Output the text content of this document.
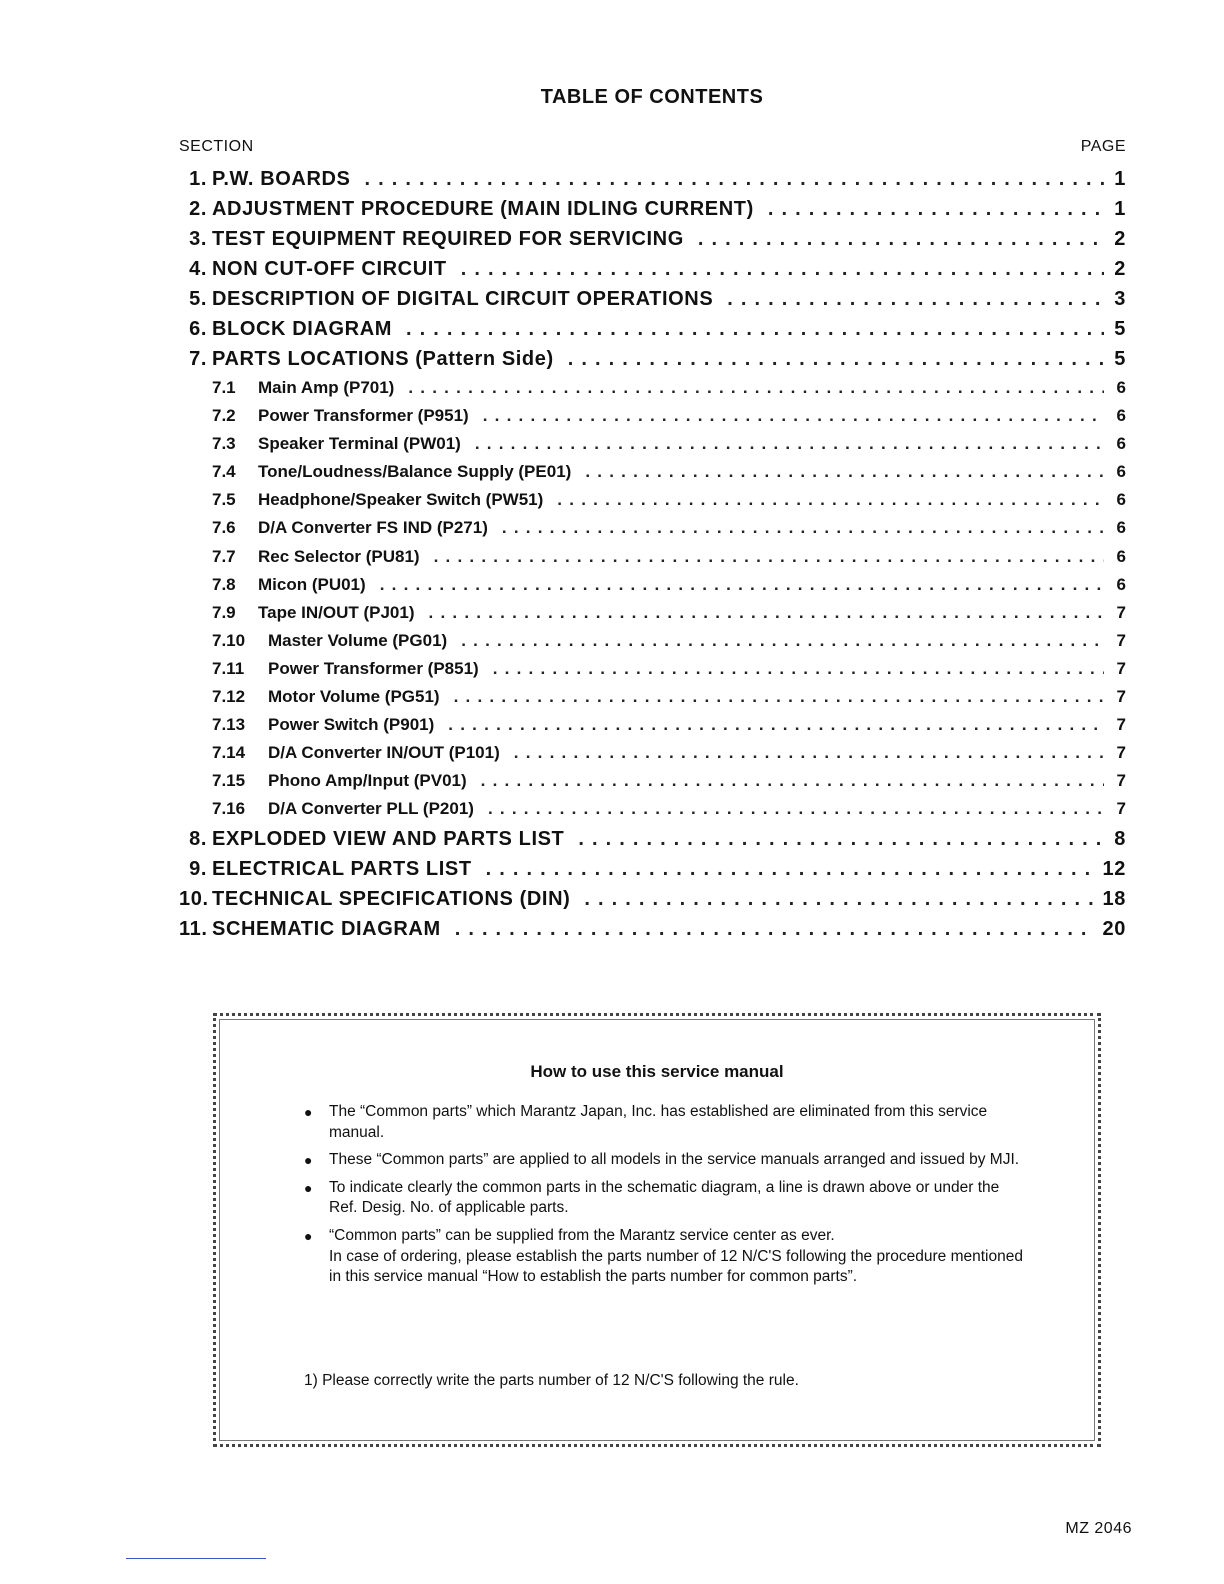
TABLE OF CONTENTS
SECTION	PAGE
1. P.W. BOARDS . . .	1
2. ADJUSTMENT PROCEDURE (MAIN IDLING CURRENT) . . .	1
3. TEST EQUIPMENT REQUIRED FOR SERVICING . . .	2
4. NON CUT-OFF CIRCUIT . . .	2
5. DESCRIPTION OF DIGITAL CIRCUIT OPERATIONS . . .	3
6. BLOCK DIAGRAM . . .	5
7. PARTS LOCATIONS (Pattern Side) . . .	5
7.1	Main Amp (P701) . . .	6
7.2	Power Transformer (P951) . . .	6
7.3	Speaker Terminal (PW01) . . .	6
7.4	Tone/Loudness/Balance Supply (PE01) . . .	6
7.5	Headphone/Speaker Switch (PW51) . . .	6
7.6	D/A Converter FS IND (P271) . . .	6
7.7	Rec Selector (PU81) . . .	6
7.8	Micon (PU01) . . .	6
7.9	Tape IN/OUT (PJ01) . . .	7
7.10	Master Volume (PG01) . . .	7
7.11	Power Transformer (P851) . . .	7
7.12	Motor Volume (PG51) . . .	7
7.13	Power Switch (P901) . . .	7
7.14	D/A Converter IN/OUT (P101) . . .	7
7.15	Phono Amp/Input (PV01) . . .	7
7.16	D/A Converter PLL (P201) . . .	7
8. EXPLODED VIEW AND PARTS LIST . . .	8
9. ELECTRICAL PARTS LIST . . .	12
10. TECHNICAL SPECIFICATIONS (DIN) . . .	18
11. SCHEMATIC DIAGRAM . . .	20
How to use this service manual
● The “Common parts” which Marantz Japan, Inc. has established are eliminated from this service manual.
● These “Common parts” are applied to all models in the service manuals arranged and issued by MJI.
● To indicate clearly the common parts in the schematic diagram, a line is drawn above or under the Ref. Desig. No. of applicable parts.
● “Common parts” can be supplied from the Marantz service center as ever.
In case of ordering, please establish the parts number of 12 N/C'S following the procedure mentioned in this service manual “How to establish the parts number for common parts”.
1) Please correctly write the parts number of 12 N/C'S following the rule.
MZ 2046
